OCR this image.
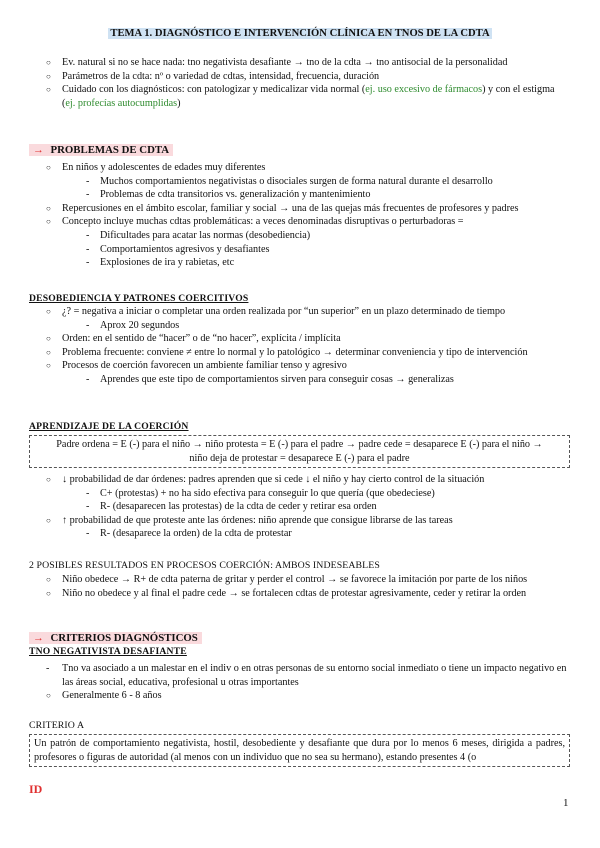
TEMA 1. DIAGNÓSTICO E INTERVENCIÓN CLÍNICA EN TNOS DE LA CDTA
○ Ev. natural si no se hace nada: tno negativista desafiante → tno de la cdta → tno antisocial de la personalidad
○ Parámetros de la cdta: nº o variedad de cdtas, intensidad, frecuencia, duración
○ Cuidado con los diagnósticos: con patologizar y medicalizar vida normal (ej. uso excesivo de fármacos) y con el estigma (ej. profecías autocumplidas)
→ PROBLEMAS DE CDTA
○ En niños y adolescentes de edades muy diferentes
- Muchos comportamientos negativistas o disociales surgen de forma natural durante el desarrollo
- Problemas de cdta transitorios vs. generalización y mantenimiento
○ Repercusiones en el ámbito escolar, familiar y social → una de las quejas más frecuentes de profesores y padres
○ Concepto incluye muchas cdtas problemáticas: a veces denominadas disruptivas o perturbadoras =
- Dificultades para acatar las normas (desobediencia)
- Comportamientos agresivos y desafiantes
- Explosiones de ira y rabietas, etc
DESOBEDIENCIA Y PATRONES COERCITIVOS
○ ¿? = negativa a iniciar o completar una orden realizada por “un superior” en un plazo determinado de tiempo
- Aprox 20 segundos
○ Orden: en el sentido de “hacer” o de “no hacer”, explícita / implícita
○ Problema frecuente: conviene ≠ entre lo normal y lo patológico → determinar conveniencia y tipo de intervención
○ Procesos de coerción favorecen un ambiente familiar tenso y agresivo
- Aprendes que este tipo de comportamientos sirven para conseguir cosas → generalizas
APRENDIZAJE DE LA COERCIÓN
Padre ordena = E (-) para el niño → niño protesta = E (-) para el padre → padre cede = desaparece E (-) para el niño →
niño deja de protestar = desaparece E (-) para el padre
○ ↓ probabilidad de dar órdenes: padres aprenden que si cede ↓ el niño y hay cierto control de la situación
- C+ (protestas) + no ha sido efectiva para conseguir lo que quería (que obedeciese)
- R- (desaparecen las protestas) de la cdta de ceder y retirar esa orden
○ ↑ probabilidad de que proteste ante las órdenes: niño aprende que consigue librarse de las tareas
- R- (desaparece la orden) de la cdta de protestar
2 POSIBLES RESULTADOS EN PROCESOS COERCIÓN: AMBOS INDESEABLES
○ Niño obedece → R+ de cdta paterna de gritar y perder el control → se favorece la imitación por parte de los niños
○ Niño no obedece y al final el padre cede → se fortalecen cdtas de protestar agresivamente, ceder y retirar la orden
→ CRITERIOS DIAGNÓSTICOS
TNO NEGATIVISTA DESAFIANTE
- Tno va asociado a un malestar en el indiv o en otras personas de su entorno social inmediato o tiene un impacto negativo en las áreas social, educativa, profesional u otras importantes
○ Generalmente 6 - 8 años
CRITERIO A
Un patrón de comportamiento negativista, hostil, desobediente y desafiante que dura por lo menos 6 meses, dirigida a padres, profesores o figuras de autoridad (al menos con un individuo que no sea su hermano), estando presentes 4 (o
ID
1
